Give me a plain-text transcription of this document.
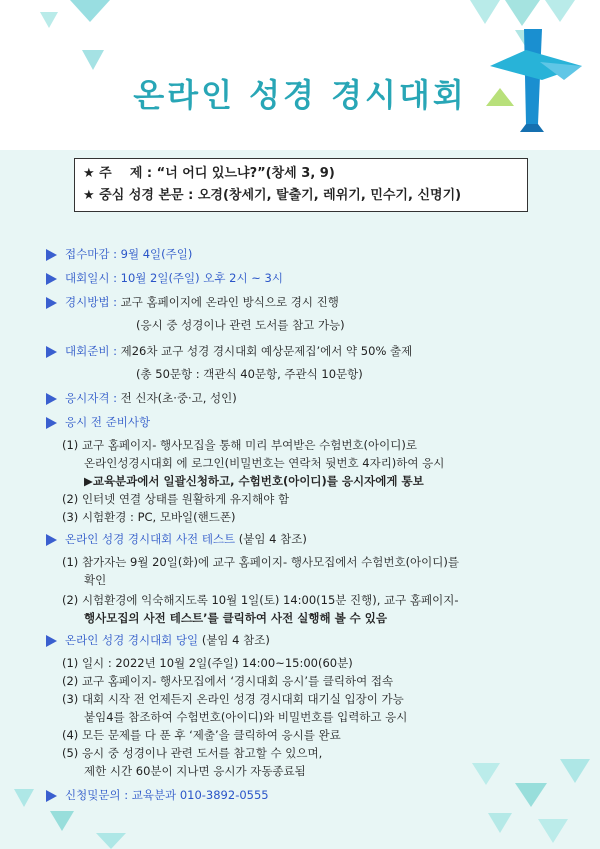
온라인 성경 경시대회
★ 주    제 : “너 어디 있느냐?”(창세 3, 9)
★ 중심 성경 본문 : 오경(창세기, 탈출기, 레위기, 민수기, 신명기)
접수마감 : 9월 4일(주일)
대회일시 : 10월 2일(주일) 오후 2시 ~ 3시
경시방법 : 교구 홈페이지에 온라인 방식으로 경시 진행
(응시 중 성경이나 관련 도서를 참고 가능)
대회준비 : 제26차 교구 성경 경시대회 예상문제집’에서 약 50% 출제
(총 50문항 : 객관식 40문항, 주관식 10문항)
응시자격 : 전 신자(초·중·고, 성인)
응시 전 준비사항
(1) 교구 홈페이지- 행사모집을 통해 미리 부여받은 수험번호(아이디)로
온라인성경시대회 에 로그인(비밀번호는 연락처 뒷번호 4자리)하여 응시
▶교육분과에서 일괄신청하고, 수험번호(아이디)를 응시자에게 통보
(2) 인터넷 연결 상태를 원활하게 유지해야 함
(3) 시험환경 : PC, 모바일(핸드폰)
온라인 성경 경시대회 사전 테스트 (붙임 4 참조)
(1) 참가자는 9월 20일(화)에 교구 홈페이지- 행사모집에서 수험번호(아이디)를
확인
(2) 시험환경에 익숙해지도록 10월 1일(토) 14:00(15분 진행), 교구 홈페이지-
행사모집의 사전 테스트’를 클릭하여 사전 실행해 볼 수 있음
온라인 성경 경시대회 당일 (붙임 4 참조)
(1) 일시 : 2022년 10월 2일(주일) 14:00~15:00(60분)
(2) 교구 홈페이지- 행사모집에서 ‘경시대회 응시’를 클릭하여 접속
(3) 대회 시작 전 언제든지 온라인 성경 경시대회 대기실 입장이 가능
붙임4를 참조하여 수험번호(아이디)와 비밀번호를 입력하고 응시
(4) 모든 문제를 다 푼 후 ‘제출’을 클릭하여 응시를 완료
(5) 응시 중 성경이나 관련 도서를 참고할 수 있으며,
제한 시간 60분이 지나면 응시가 자동종료됨
신청및문의 : 교육분과 010-3892-0555
